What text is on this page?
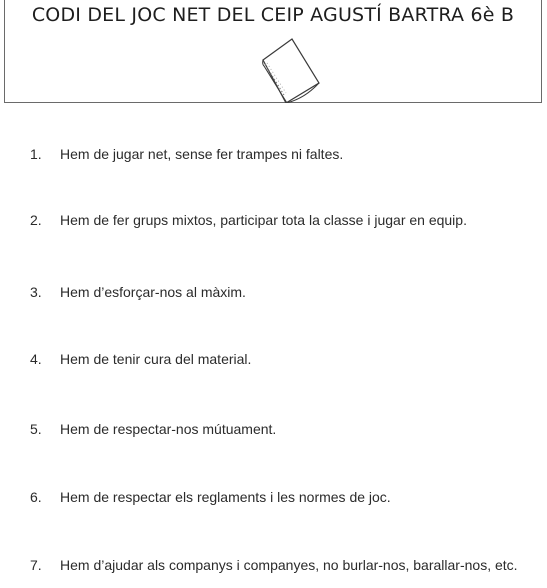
CODI DEL JOC NET DEL CEIP AGUSTÍ BARTRA 6è B
1.	Hem de jugar net, sense fer trampes ni faltes.
2.	Hem de fer grups mixtos, participar tota la classe i jugar en equip.
3.	Hem d’esforçar-nos al màxim.
4.	Hem de tenir cura del material.
5.	Hem de respectar-nos mútuament.
6.	Hem de respectar els reglaments i les normes de joc.
7.	Hem d’ajudar als companys i companyes, no burlar-nos, barallar-nos, etc.
